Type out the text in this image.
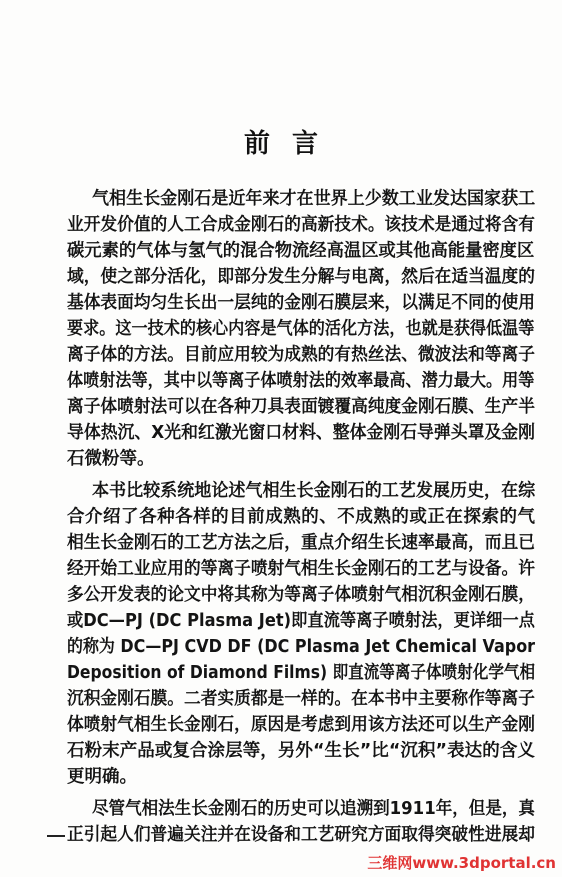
前言
气相生长金刚石是近年来才在世界上少数工业发达国家获工
业开发价值的人工合成金刚石的高新技术。该技术是通过将含有
碳元素的气体与氢气的混合物流经高温区或其他高能量密度区
域，使之部分活化，即部分发生分解与电离，然后在适当温度的
基体表面均匀生长出一层纯的金刚石膜层来，以满足不同的使用
要求。这一技术的核心内容是气体的活化方法，也就是获得低温等
离子体的方法。目前应用较为成熟的有热丝法、微波法和等离子
体喷射法等，其中以等离子体喷射法的效率最高、潜力最大。用等
离子体喷射法可以在各种刀具表面镀覆高纯度金刚石膜、生产半
导体热沉、X光和红激光窗口材料、整体金刚石导弹头罩及金刚
石微粉等。
本书比较系统地论述气相生长金刚石的工艺发展历史，在综
合介绍了各种各样的目前成熟的、不成熟的或正在探索的气
相生长金刚石的工艺方法之后，重点介绍生长速率最高，而且已
经开始工业应用的等离子喷射气相生长金刚石的工艺与设备。许
多公开发表的论文中将其称为等离子体喷射气相沉积金刚石膜，
或DC—PJ (DC Plasma Jet)即直流等离子喷射法，更详细一点
的称为 DC—PJ CVD DF (DC Plasma Jet Chemical Vapor
Deposition of Diamond Films) 即直流等离子体喷射化学气相
沉积金刚石膜。二者实质都是一样的。在本书中主要称作等离子
体喷射气相生长金刚石，原因是考虑到用该方法还可以生产金刚
石粉末产品或复合涂层等，另外“生长”比“沉积”表达的含义
更明确。
尽管气相法生长金刚石的历史可以追溯到1911年，但是，真
正引起人们普遍关注并在设备和工艺研究方面取得突破性进展却
三维网www.3dportal.cn
